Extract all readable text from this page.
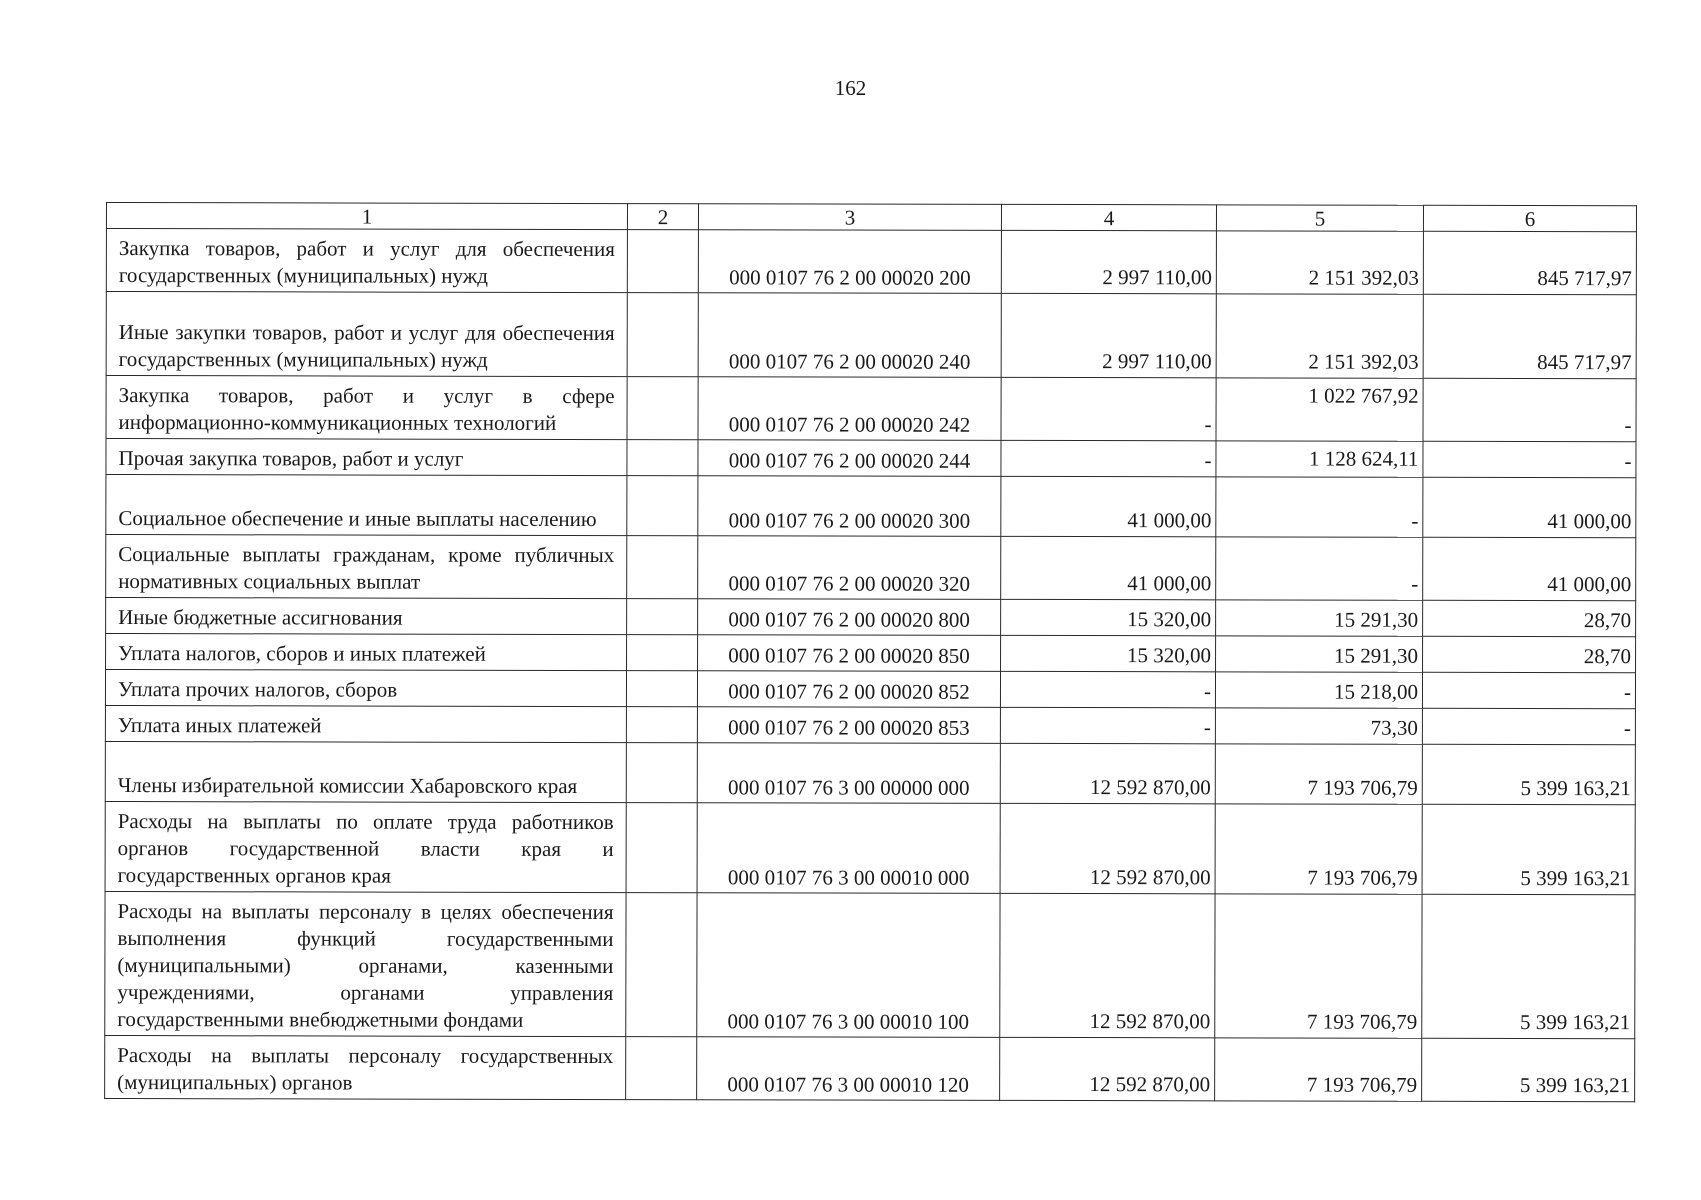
162
1	2	3	4	5	6
Закупка товаров, работ и услуг для обеспечения государственных (муниципальных) нужд		000 0107 76 2 00 00020 200	2 997 110,00	2 151 392,03	845 717,97
Иные закупки товаров, работ и услуг для обеспечения государственных (муниципальных) нужд		000 0107 76 2 00 00020 240	2 997 110,00	2 151 392,03	845 717,97
Закупка товаров, работ и услуг в сфере информационно-коммуникационных технологий		000 0107 76 2 00 00020 242	-	1 022 767,92	-
Прочая закупка товаров, работ и услуг		000 0107 76 2 00 00020 244	-	1 128 624,11	-
Социальное обеспечение и иные выплаты населению		000 0107 76 2 00 00020 300	41 000,00	-	41 000,00
Социальные выплаты гражданам, кроме публичных нормативных социальных выплат		000 0107 76 2 00 00020 320	41 000,00	-	41 000,00
Иные бюджетные ассигнования		000 0107 76 2 00 00020 800	15 320,00	15 291,30	28,70
Уплата налогов, сборов и иных платежей		000 0107 76 2 00 00020 850	15 320,00	15 291,30	28,70
Уплата прочих налогов, сборов		000 0107 76 2 00 00020 852	-	15 218,00	-
Уплата иных платежей		000 0107 76 2 00 00020 853	-	73,30	-
Члены избирательной комиссии Хабаровского края		000 0107 76 3 00 00000 000	12 592 870,00	7 193 706,79	5 399 163,21
Расходы на выплаты по оплате труда работников органов государственной власти края и государственных органов края		000 0107 76 3 00 00010 000	12 592 870,00	7 193 706,79	5 399 163,21
Расходы на выплаты персоналу в целях обеспечения выполнения функций государственными (муниципальными) органами, казенными учреждениями, органами управления государственными внебюджетными фондами		000 0107 76 3 00 00010 100	12 592 870,00	7 193 706,79	5 399 163,21
Расходы на выплаты персоналу государственных (муниципальных) органов		000 0107 76 3 00 00010 120	12 592 870,00	7 193 706,79	5 399 163,21
